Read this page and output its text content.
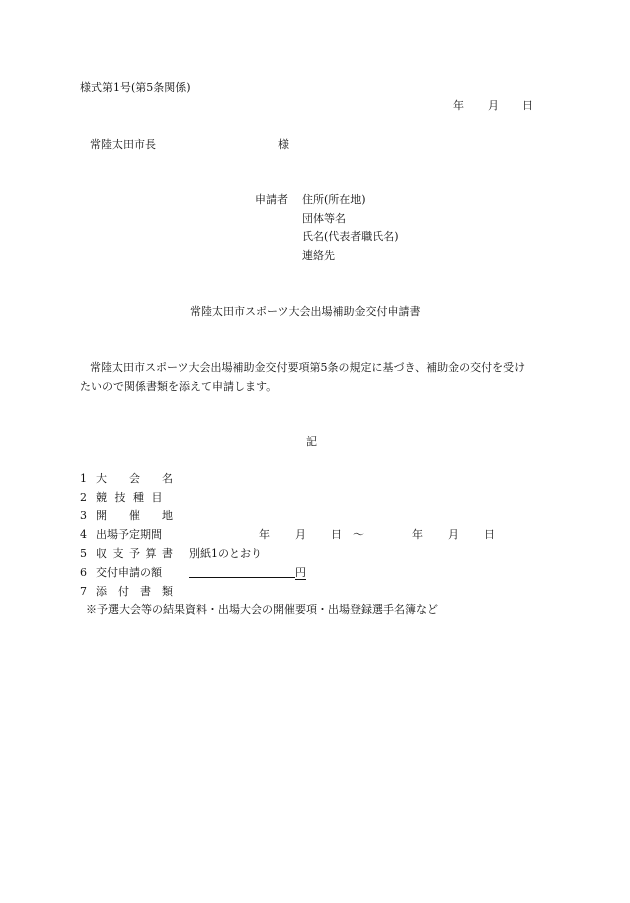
様式第1号(第5条関係)
年 月 日
常陸太田市長	様
申請者 住所(所在地)
団体等名
氏名(代表者職氏名)
連絡先
常陸太田市スポーツ大会出場補助金交付申請書
常陸太田市スポーツ大会出場補助金交付要項第5条の規定に基づき、補助金の交付を受け
たいので関係書類を添えて申請します。
記
1 大　　会　　名
2 競 技 種 目
3 開　　催　　地
4 出場予定期間	年 月 日 ～	年 月 日
5 収 支 予 算 書 別紙1のとおり
6 交付申請の額	円
7 添　付　書　類
※予選大会等の結果資料・出場大会の開催要項・出場登録選手名簿など
